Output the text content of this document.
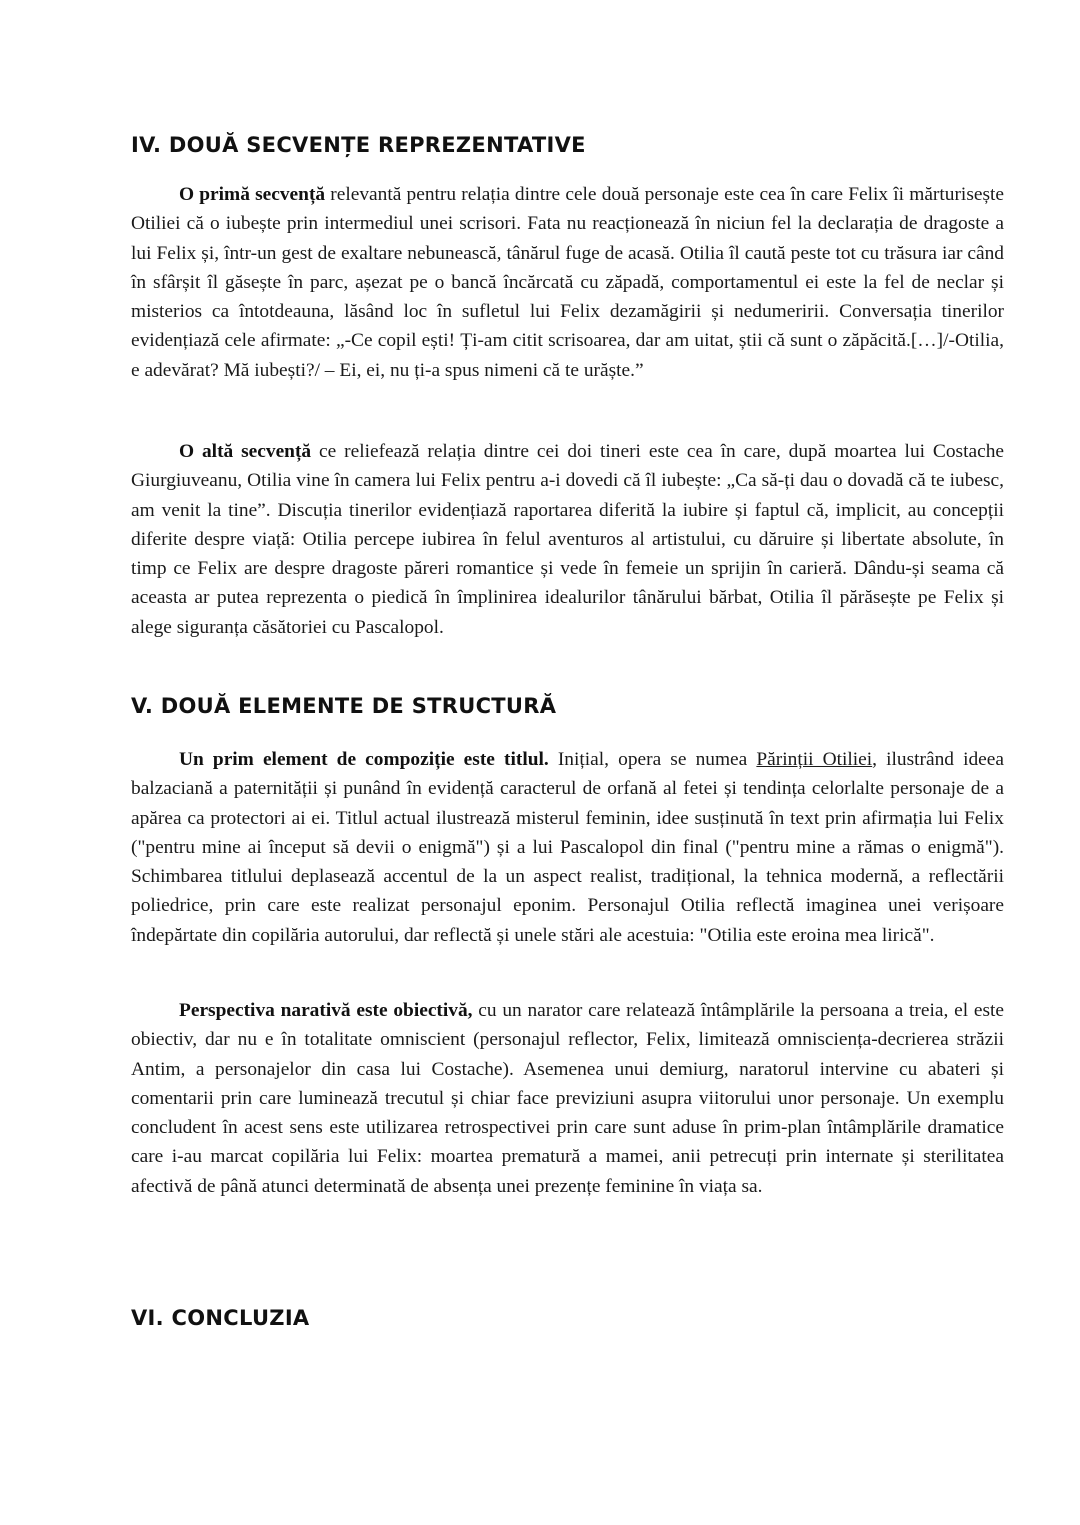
IV. DOUĂ SECVENȚE REPREZENTATIVE

O primă secvență relevantă pentru relația dintre cele două personaje este cea în care Felix îi mărturisește Otiliei că o iubește prin intermediul unei scrisori. Fata nu reacționează în niciun fel la declarația de dragoste a lui Felix și, într-un gest de exaltare nebunească, tânărul fuge de acasă. Otilia îl caută peste tot cu trăsura iar când în sfârșit îl găsește în parc, așezat pe o bancă încărcată cu zăpadă, comportamentul ei este la fel de neclar și misterios ca întotdeauna, lăsând loc în sufletul lui Felix dezamăgirii și nedumeririi. Conversația tinerilor evidențiază cele afirmate: „-Ce copil ești! Ți-am citit scrisoarea, dar am uitat, știi că sunt o zăpăcită.[…]/-Otilia, e adevărat? Mă iubești?/ – Ei, ei, nu ți-a spus nimeni că te urăște.”

O altă secvență ce reliefează relația dintre cei doi tineri este cea în care, după moartea lui Costache Giurgiuveanu, Otilia vine în camera lui Felix pentru a-i dovedi că îl iubește: „Ca să-ți dau o dovadă că te iubesc, am venit la tine”. Discuția tinerilor evidențiază raportarea diferită la iubire și faptul că, implicit, au concepții diferite despre viață: Otilia percepe iubirea în felul aventuros al artistului, cu dăruire și libertate absolute, în timp ce Felix are despre dragoste păreri romantice și vede în femeie un sprijin în carieră. Dându-și seama că aceasta ar putea reprezenta o piedică în împlinirea idealurilor tânărului bărbat, Otilia îl părăsește pe Felix și alege siguranța căsătoriei cu Pascalopol.

V. DOUĂ ELEMENTE DE STRUCTURĂ

Un prim element de compoziție este titlul. Inițial, opera se numea Părinții Otiliei, ilustrând ideea balzaciană a paternității și punând în evidență caracterul de orfană al fetei și tendința celorlalte personaje de a apărea ca protectori ai ei. Titlul actual ilustrează misterul feminin, idee susținută în text prin afirmația lui Felix ("pentru mine ai început să devii o enigmă") și a lui Pascalopol din final ("pentru mine a rămas o enigmă"). Schimbarea titlului deplasează accentul de la un aspect realist, tradițional, la tehnica modernă, a reflectării poliedrice, prin care este realizat personajul eponim. Personajul Otilia reflectă imaginea unei verișoare îndepărtate din copilăria autorului, dar reflectă și unele stări ale acestuia: "Otilia este eroina mea lirică".

Perspectiva narativă este obiectivă, cu un narator care relatează întâmplările la persoana a treia, el este obiectiv, dar nu e în totalitate omniscient (personajul reflector, Felix, limitează omnisciența-decrierea străzii Antim, a personajelor din casa lui Costache). Asemenea unui demiurg, naratorul intervine cu abateri și comentarii prin care luminează trecutul și chiar face previziuni asupra viitorului unor personaje. Un exemplu concludent în acest sens este utilizarea retrospectivei prin care sunt aduse în prim-plan întâmplările dramatice care i-au marcat copilăria lui Felix: moartea prematură a mamei, anii petrecuți prin internate și sterilitatea afectivă de până atunci determinată de absența unei prezențe feminine în viața sa.

VI. CONCLUZIA
